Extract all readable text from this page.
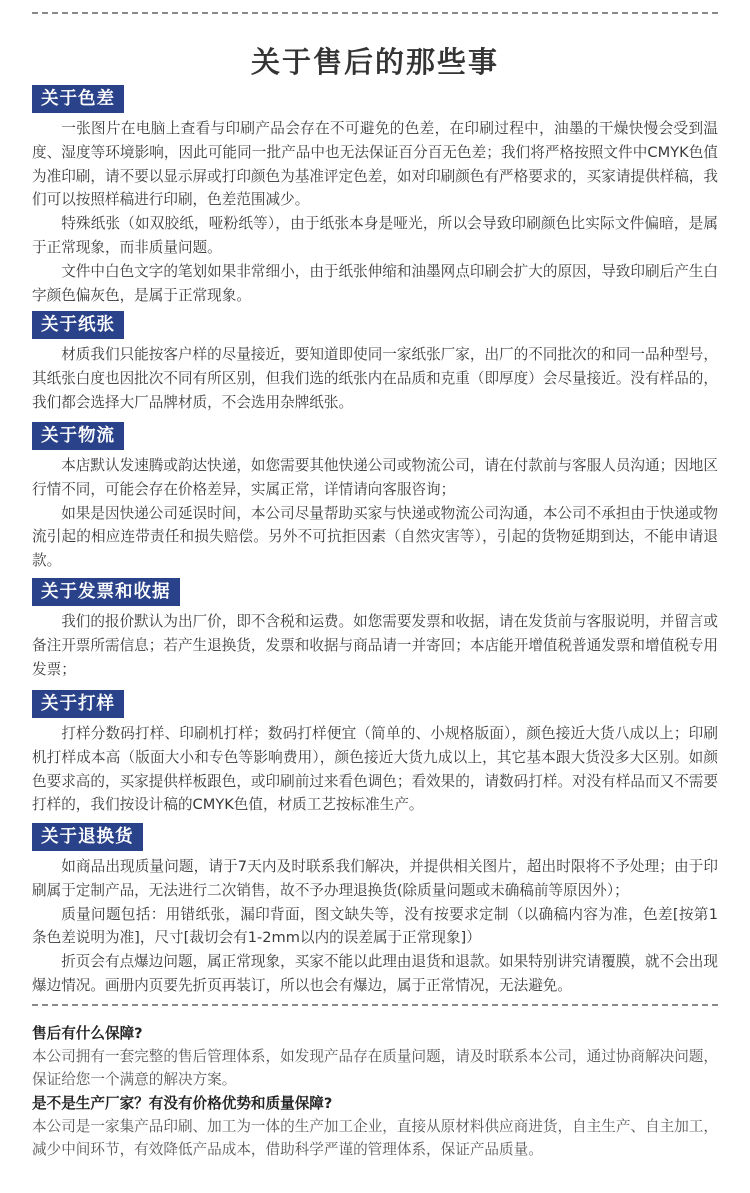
关于售后的那些事
关于色差

一张图片在电脑上查看与印刷产品会存在不可避免的色差，在印刷过程中，油墨的干燥快慢会受到温度、湿度等环境影响，因此可能同一批产品中也无法保证百分百无色差；我们将严格按照文件中CMYK色值为准印刷，请不要以显示屏或打印颜色为基准评定色差，如对印刷颜色有严格要求的，买家请提供样稿，我们可以按照样稿进行印刷，色差范围减少。

特殊纸张（如双胶纸，哑粉纸等），由于纸张本身是哑光，所以会导致印刷颜色比实际文件偏暗，是属于正常现象，而非质量问题。

文件中白色文字的笔划如果非常细小，由于纸张伸缩和油墨网点印刷会扩大的原因，导致印刷后产生白字颜色偏灰色，是属于正常现象。

关于纸张

材质我们只能按客户样的尽量接近，要知道即使同一家纸张厂家，出厂的不同批次的和同一品种型号，其纸张白度也因批次不同有所区别，但我们选的纸张内在品质和克重（即厚度）会尽量接近。没有样品的，我们都会选择大厂品牌材质，不会选用杂牌纸张。

关于物流

本店默认发速腾或韵达快递，如您需要其他快递公司或物流公司，请在付款前与客服人员沟通；因地区行情不同，可能会存在价格差异，实属正常，详情请向客服咨询；

如果是因快递公司延误时间，本公司尽量帮助买家与快递或物流公司沟通，本公司不承担由于快递或物流引起的相应连带责任和损失赔偿。另外不可抗拒因素（自然灾害等），引起的货物延期到达，不能申请退款。

关于发票和收据

我们的报价默认为出厂价，即不含税和运费。如您需要发票和收据，请在发货前与客服说明，并留言或备注开票所需信息；若产生退换货，发票和收据与商品请一并寄回；本店能开增值税普通发票和增值税专用发票；

关于打样

打样分数码打样、印刷机打样；数码打样便宜（简单的、小规格版面），颜色接近大货八成以上；印刷机打样成本高（版面大小和专色等影响费用），颜色接近大货九成以上，其它基本跟大货没多大区别。如颜色要求高的，买家提供样板跟色，或印刷前过来看色调色；看效果的，请数码打样。对没有样品而又不需要打样的，我们按设计稿的CMYK色值，材质工艺按标准生产。

关于退换货

如商品出现质量问题，请于7天内及时联系我们解决，并提供相关图片，超出时限将不予处理；由于印刷属于定制产品，无法进行二次销售，故不予办理退换货(除质量问题或未确稿前等原因外）；

质量问题包括：用错纸张，漏印背面，图文缺失等，没有按要求定制（以确稿内容为准，色差[按第1条色差说明为准]，尺寸[裁切会有1-2mm以内的误差属于正常现象]）

折页会有点爆边问题，属正常现象，买家不能以此理由退货和退款。如果特别讲究请覆膜，就不会出现爆边情况。画册内页要先折页再装订，所以也会有爆边，属于正常情况，无法避免。

售后有什么保障?

本公司拥有一套完整的售后管理体系，如发现产品存在质量问题，请及时联系本公司，通过协商解决问题，保证给您一个满意的解决方案。

是不是生产厂家？有没有价格优势和质量保障?

本公司是一家集产品印刷、加工为一体的生产加工企业，直接从原材料供应商进货，自主生产、自主加工，减少中间环节，有效降低产品成本，借助科学严谨的管理体系，保证产品质量。
